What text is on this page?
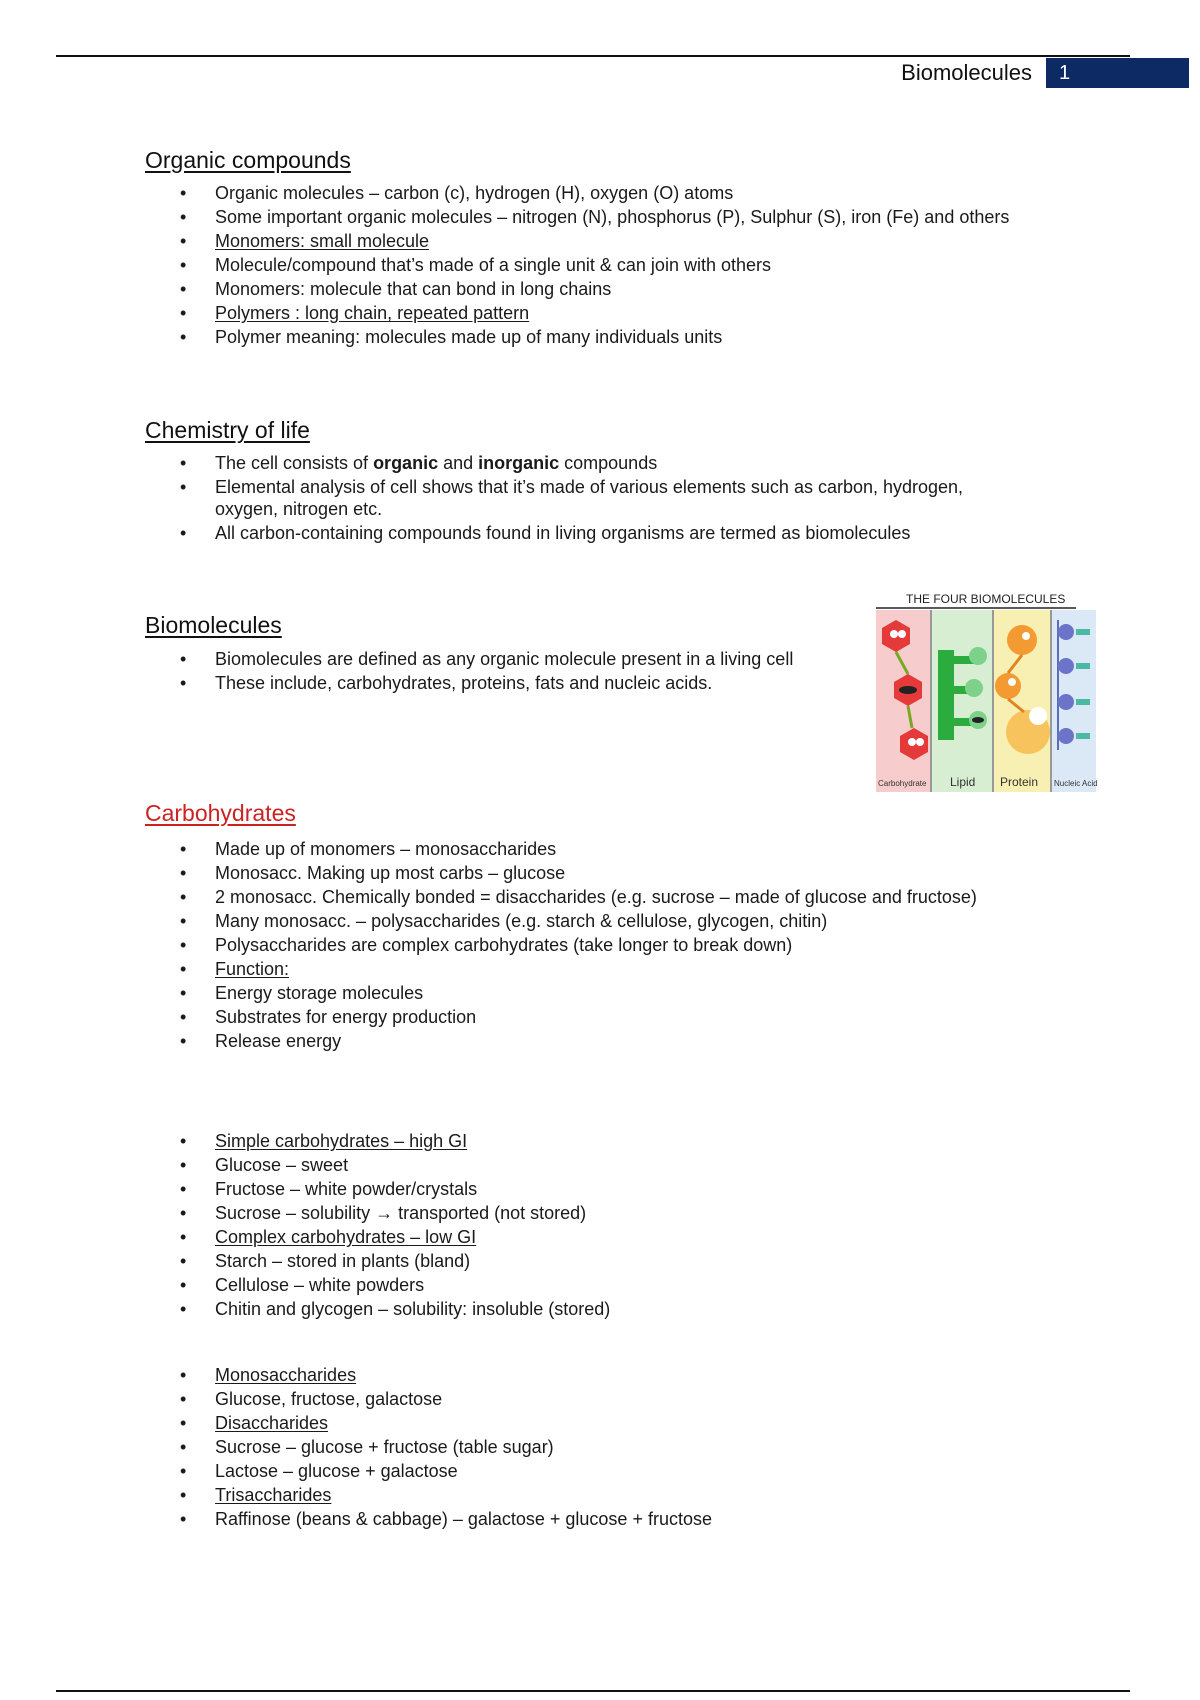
Biomolecules 1
Organic compounds
• Organic molecules – carbon (c), hydrogen (H), oxygen (O) atoms
• Some important organic molecules – nitrogen (N), phosphorus (P), Sulphur (S), iron (Fe) and others
• Monomers: small molecule
• Molecule/compound that’s made of a single unit & can join with others
• Monomers: molecule that can bond in long chains
• Polymers : long chain, repeated pattern
• Polymer meaning: molecules made up of many individuals units
Chemistry of life
• The cell consists of organic and inorganic compounds
• Elemental analysis of cell shows that it’s made of various elements such as carbon, hydrogen, oxygen, nitrogen etc.
• All carbon-containing compounds found in living organisms are termed as biomolecules
Biomolecules
• Biomolecules are defined as any organic molecule present in a living cell
• These include, carbohydrates, proteins, fats and nucleic acids.
THE FOUR BIOMOLECULES
Carbohydrate Lipid Protein Nucleic Acid
Carbohydrates
• Made up of monomers – monosaccharides
• Monosacc. Making up most carbs – glucose
• 2 monosacc. Chemically bonded = disaccharides (e.g. sucrose – made of glucose and fructose)
• Many monosacc. – polysaccharides (e.g. starch & cellulose, glycogen, chitin)
• Polysaccharides are complex carbohydrates (take longer to break down)
• Function:
• Energy storage molecules
• Substrates for energy production
• Release energy
• Simple carbohydrates – high GI
• Glucose – sweet
• Fructose – white powder/crystals
• Sucrose – solubility → transported (not stored)
• Complex carbohydrates – low GI
• Starch – stored in plants (bland)
• Cellulose – white powders
• Chitin and glycogen – solubility: insoluble (stored)
• Monosaccharides
• Glucose, fructose, galactose
• Disaccharides
• Sucrose – glucose + fructose (table sugar)
• Lactose – glucose + galactose
• Trisaccharides
• Raffinose (beans & cabbage) – galactose + glucose + fructose
